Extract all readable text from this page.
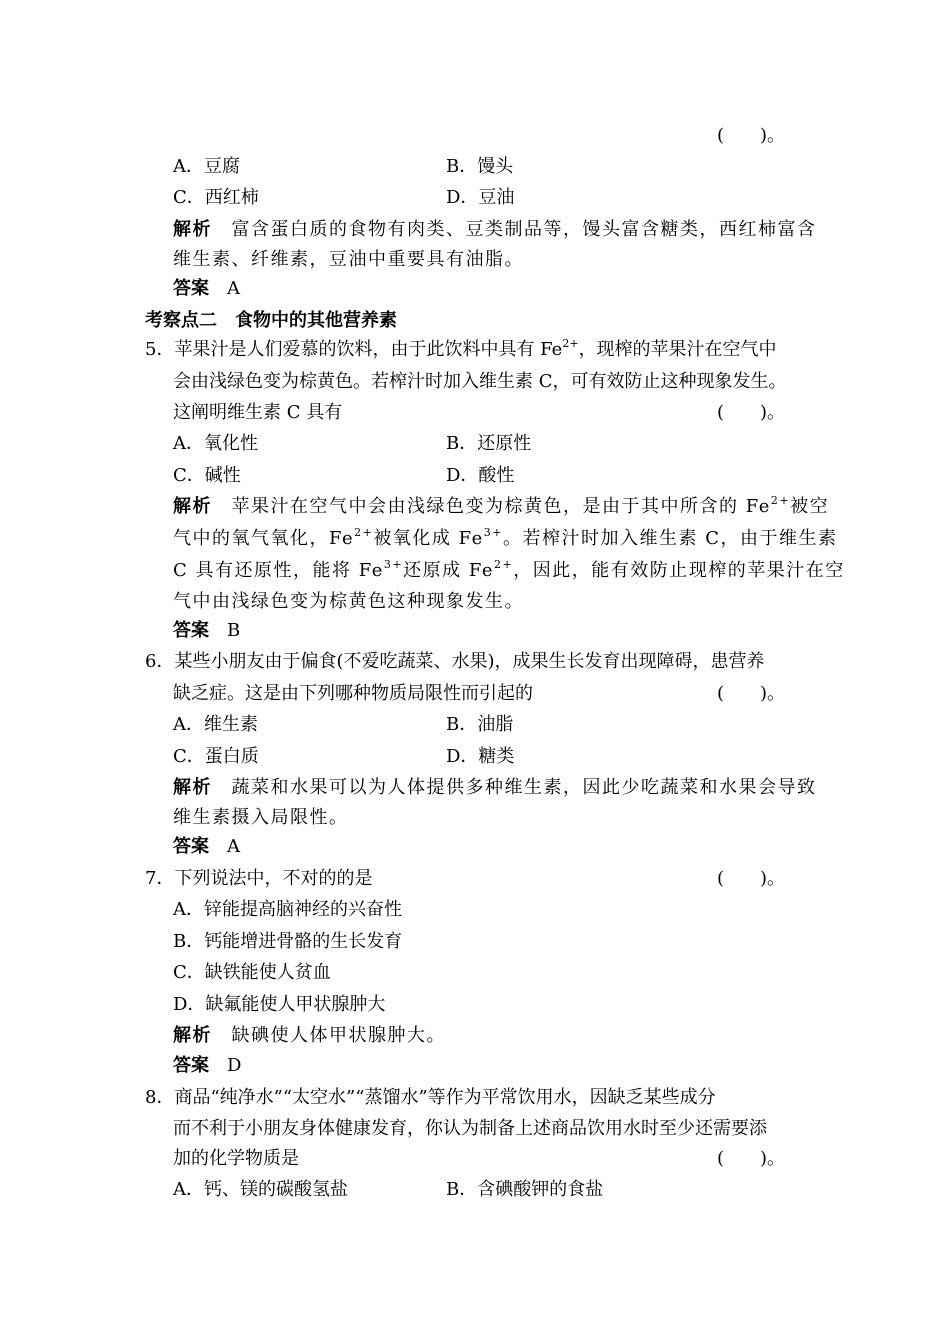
(　　)。
A．豆腐	B．馒头
C．西红柿	D．豆油
解析　 富含蛋白质的食物有肉类、豆类制品等，馒头富含糖类，西红柿富含
维生素、纤维素，豆油中重要具有油脂。
答案　 A
考察点二　食物中的其他营养素
5．苹果汁是人们爱慕的饮料，由于此饮料中具有 $Fe^{2+}$，现榨的苹果汁在空气中
会由浅绿色变为棕黄色。若榨汁时加入维生素 C，可有效防止这种现象发生。
这阐明维生素 C 具有	(　　)。
A．氧化性	B．还原性
C．碱性	D．酸性
解析　 苹果汁在空气中会由浅绿色变为棕黄色，是由于其中所含的 $Fe^{2+}$被空
气中的氧气氧化，$Fe^{2+}$被氧化成 $Fe^{3+}$。若榨汁时加入维生素 C，由于维生素
C 具有还原性，能将 $Fe^{3+}$还原成 $Fe^{2+}$，因此，能有效防止现榨的苹果汁在空
气中由浅绿色变为棕黄色这种现象发生。
答案　 B
6．某些小朋友由于偏食(不爱吃蔬菜、水果)，成果生长发育出现障碍，患营养
缺乏症。这是由下列哪种物质局限性而引起的	(　　)。
A．维生素	B．油脂
C．蛋白质	D．糖类
解析　 蔬菜和水果可以为人体提供多种维生素，因此少吃蔬菜和水果会导致
维生素摄入局限性。
答案　 A
7．下列说法中，不对的的是	(　　)。
A．锌能提高脑神经的兴奋性
B．钙能增进骨骼的生长发育
C．缺铁能使人贫血
D．缺氟能使人甲状腺肿大
解析　 缺碘使人体甲状腺肿大。
答案　 D
8．商品“纯净水”“太空水”“蒸馏水”等作为平常饮用水，因缺乏某些成分
而不利于小朋友身体健康发育，你认为制备上述商品饮用水时至少还需要添
加的化学物质是	(　　)。
A．钙、镁的碳酸氢盐	B．含碘酸钾的食盐
